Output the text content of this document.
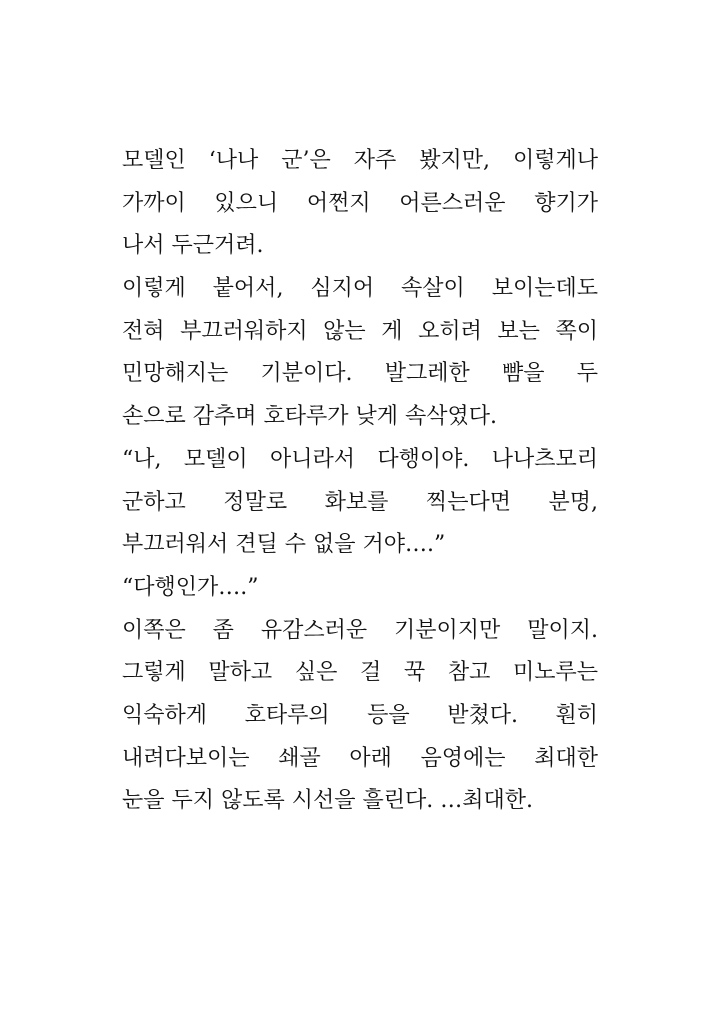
모델인 ‘나나 군’은 자주 봤지만, 이렇게나
가까이 있으니 어쩐지 어른스러운 향기가
나서 두근거려.
이렇게 붙어서, 심지어 속살이 보이는데도
전혀 부끄러워하지 않는 게 오히려 보는 쪽이
민망해지는 기분이다. 발그레한 뺨을 두
손으로 감추며 호타루가 낮게 속삭였다.
“나, 모델이 아니라서 다행이야. 나나츠모리
군하고 정말로 화보를 찍는다면 분명,
부끄러워서 견딜 수 없을 거야….”
“다행인가….”
이쪽은 좀 유감스러운 기분이지만 말이지.
그렇게 말하고 싶은 걸 꾹 참고 미노루는
익숙하게 호타루의 등을 받쳤다. 훤히
내려다보이는 쇄골 아래 음영에는 최대한
눈을 두지 않도록 시선을 흘린다. …최대한.
